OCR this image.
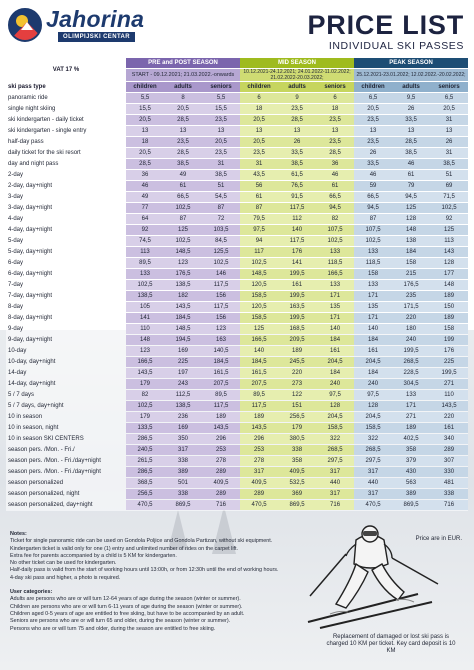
Jahorina
OLIMPIJSKI CENTAR	PRICE LIST
INDIVIDUAL SKI PASSES
VAT 17 %	PRE and POST SEASON			MID SEASON			PEAK SEASON		
	START - 09.12.2021; 21.03.2022.-onwards			10.12.2021-24.12.2021; 24.01.2022-11.02.2022; 21.02.2022-20.03.2022;			25.12.2021-23.01.2022; 12.02.2022.-20.02.2022;		
ski pass type	children	adults	seniors	children	adults	seniors	children	adults	seniors
panoramic ride	5,5	8	5,5	6	9	6	6,5	9,5	6,5
single night skiing	15,5	20,5	15,5	18	23,5	18	20,5	26	20,5
ski kindergarten - daily ticket	20,5	28,5	23,5	20,5	28,5	23,5	23,5	33,5	31
ski kindergarten - single entry	13	13	13	13	13	13	13	13	13
half-day pass	18	23,5	20,5	20,5	26	23,5	23,5	28,5	26
daily ticket for the ski resort	20,5	28,5	23,5	23,5	33,5	28,5	26	38,5	31
day and night pass	28,5	38,5	31	31	38,5	36	33,5	46	38,5
2-day	36	49	38,5	43,5	61,5	46	46	61	51
2-day, day+night	46	61	51	56	76,5	61	59	79	69
3-day	49	66,5	54,5	61	91,5	66,5	66,5	94,5	71,5
3-day, day+night	77	102,5	87	87	117,5	94,5	94,5	125	102,5
4-day	64	87	72	79,5	112	82	87	128	92
4-day, day+night	92	125	103,5	97,5	140	107,5	107,5	148	125
5-day	74,5	102,5	84,5	94	117,5	102,5	102,5	138	113
5-day, day+night	113	148,5	125,5	117	176	133	133	184	143
6-day	89,5	123	102,5	102,5	141	118,5	118,5	158	128
6-day, day+night	133	176,5	146	148,5	199,5	166,5	158	215	177
7-day	102,5	138,5	117,5	120,5	161	133	133	176,5	148
7-day, day+night	138,5	182	156	158,5	199,5	171	171	235	189
8-day	105	143,5	117,5	120,5	163,5	135	135	171,5	150
8-day, day+night	141	184,5	156	158,5	199,5	171	171	220	189
9-day	110	148,5	123	125	168,5	140	140	180	158
9-day, day+night	148	194,5	163	166,5	209,5	184	184	240	199
10-day	123	169	140,5	140	189	161	161	199,5	176
10-day, day+night	166,5	225	184,5	184,5	245,5	204,5	204,5	268,5	225
14-day	143,5	197	161,5	161,5	220	184	184	228,5	199,5
14-day, day+night	179	243	207,5	207,5	273	240	240	304,5	271
5 / 7 days	82	112,5	89,5	89,5	122	97,5	97,5	133	110
5 / 7 days, day+night	102,5	138,5	117,5	117,5	151	128	128	171	143,5
10 in season	179	236	189	189	256,5	204,5	204,5	271	220
10 in season, night	133,5	169	143,5	143,5	179	158,5	158,5	189	161
10 in season SKI CENTERS	286,5	350	296	296	380,5	322	322	402,5	340
season pers. /Mon. - Fri./	240,5	317	253	253	338	268,5	268,5	358	289
season pers. /Mon. - Fri./day+night	261,5	338	278	278	358	297,5	297,5	379	307
season pers. /Mon. - Fri./day+night	286,5	389	289	317	409,5	317	317	430	330
season personalized	368,5	501	409,5	409,5	532,5	440	440	563	481
season personalized, night	256,5	338	289	289	369	317	317	389	338
season personalized, day+night	470,5	869,5	716	470,5	869,5	716	470,5	869,5	716
Notes:
Ticket for single panoramic ride can be used on Gondola Poljice and Gondola Partizan, without ski equipment.
Kindergarten ticket is valid only for one (1) entry and unlimited number of rides on the carpet lift.
Extra fee for parents accompanied by a child is 5 KM for kindergarten.
No other ticket can be used for kindergarten.
Half-daily pass is valid from the start of working hours until 13:00h, or from 12:30h until the end of working hours.
4-day ski pass and higher, a photo is required.
User categories:
Adults are persons who are or will turn 12-64 years of age during the season (winter or summer).
Children are persons who are or will turn 6-11 years of age during the season (winter or summer).
Children aged 0-5 years of age are entitled to free skiing, but have to be accompanied by an adult.
Seniors are persons who are or will turn 65 and older, during the season (winter or summer).
Persons who are or will turn 75 and older, during the season are entitled to free skiing.
Price are in EUR.
Replacement of damaged or lost ski pass is charged 10 KM per ticket. Key card deposit is 10 KM
